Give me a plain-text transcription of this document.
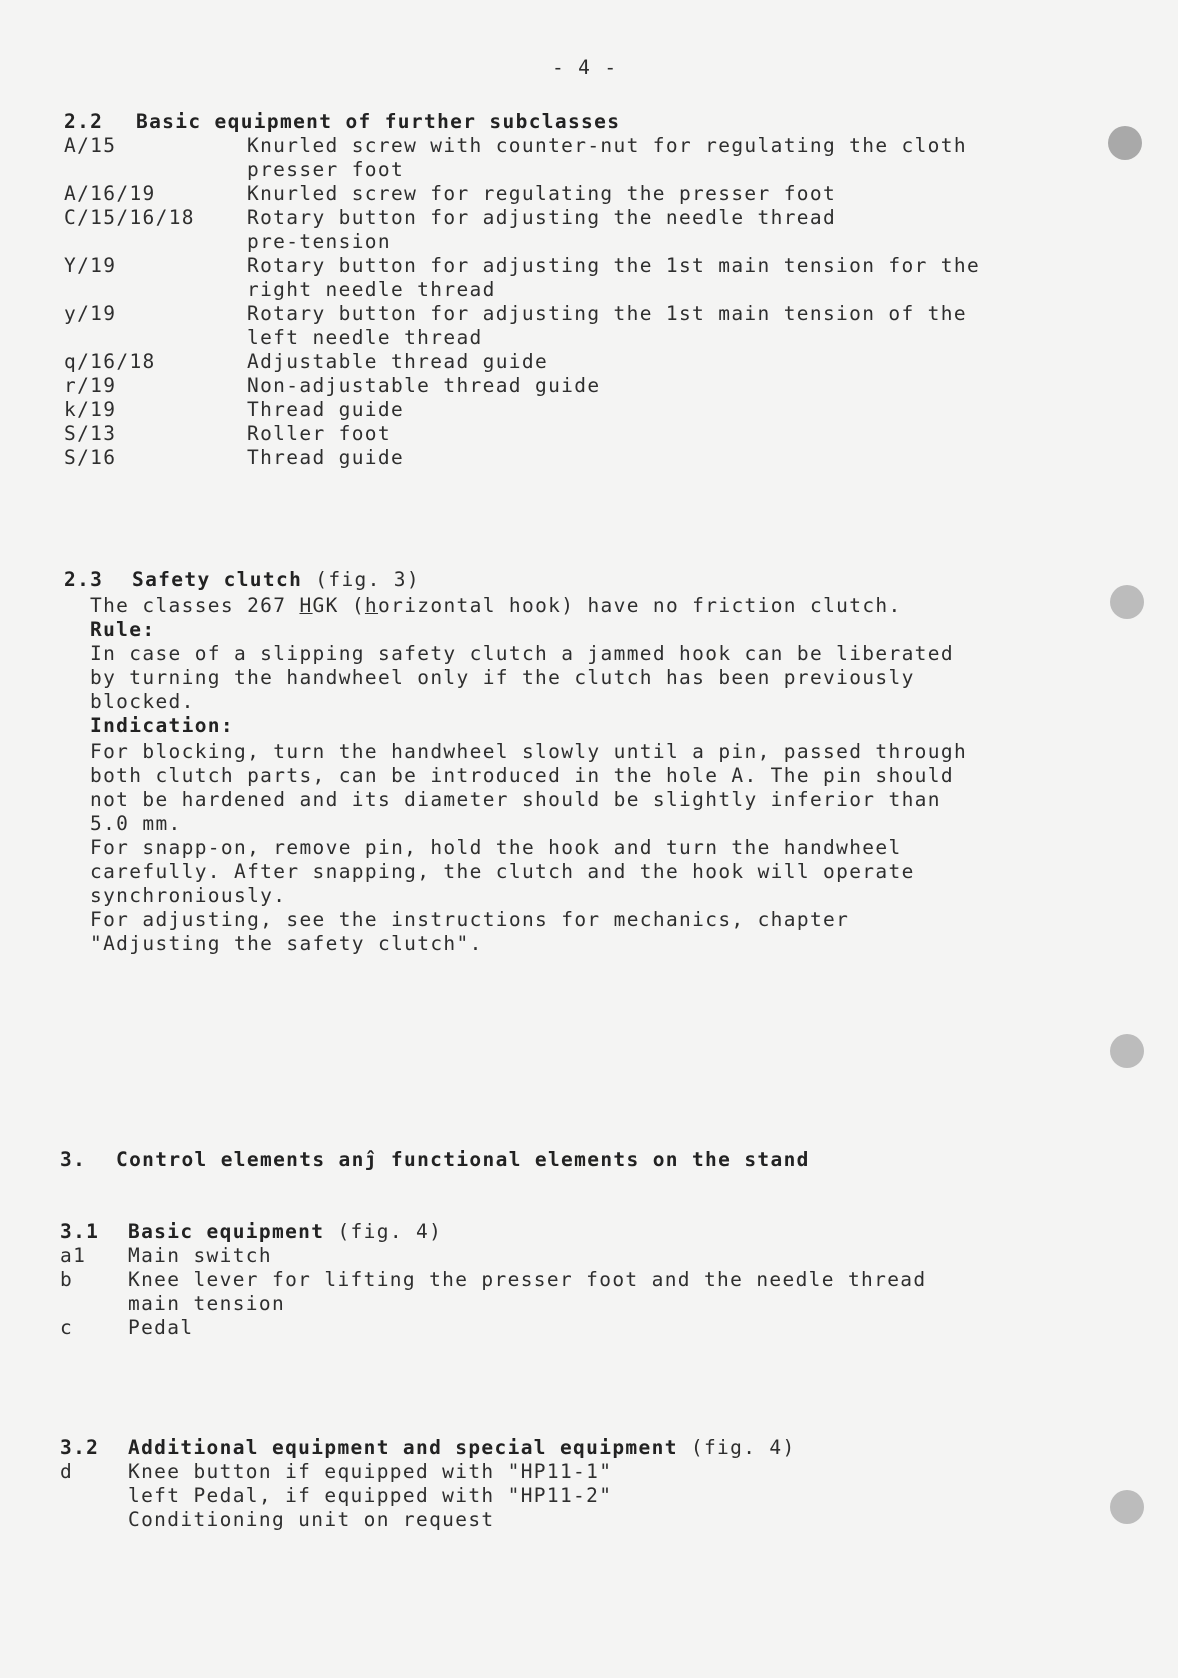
- 4 -
2.2 Basic equipment of further subclasses
A/15	Knurled screw with counter-nut for regulating the cloth
presser foot
A/16/19	Knurled screw for regulating the presser foot
C/15/16/18	Rotary button for adjusting the needle thread
pre-tension
Y/19	Rotary button for adjusting the 1st main tension for the
right needle thread
y/19	Rotary button for adjusting the 1st main tension of the
left needle thread
q/16/18	Adjustable thread guide
r/19	Non-adjustable thread guide
k/19	Thread guide
S/13	Roller foot
S/16	Thread guide
2.3 Safety clutch (fig. 3)
The classes 267 HGK (horizontal hook) have no friction clutch.
Rule:
In case of a slipping safety clutch a jammed hook can be liberated
by turning the handwheel only if the clutch has been previously
blocked.
Indication:
For blocking, turn the handwheel slowly until a pin, passed through
both clutch parts, can be introduced in the hole A. The pin should
not be hardened and its diameter should be slightly inferior than
5.0 mm.
For snapp-on, remove pin, hold the hook and turn the handwheel
carefully. After snapping, the clutch and the hook will operate
synchroniously.
For adjusting, see the instructions for mechanics, chapter
"Adjusting the safety clutch".
3. Control elements anĵ functional elements on the stand
3.1 Basic equipment (fig. 4)
a1 Main switch
b	Knee lever for lifting the presser foot and the needle thread
main tension
c	Pedal
3.2 Additional equipment and special equipment (fig. 4)
d	Knee button if equipped with "HP11-1"
left Pedal, if equipped with "HP11-2"
Conditioning unit on request
